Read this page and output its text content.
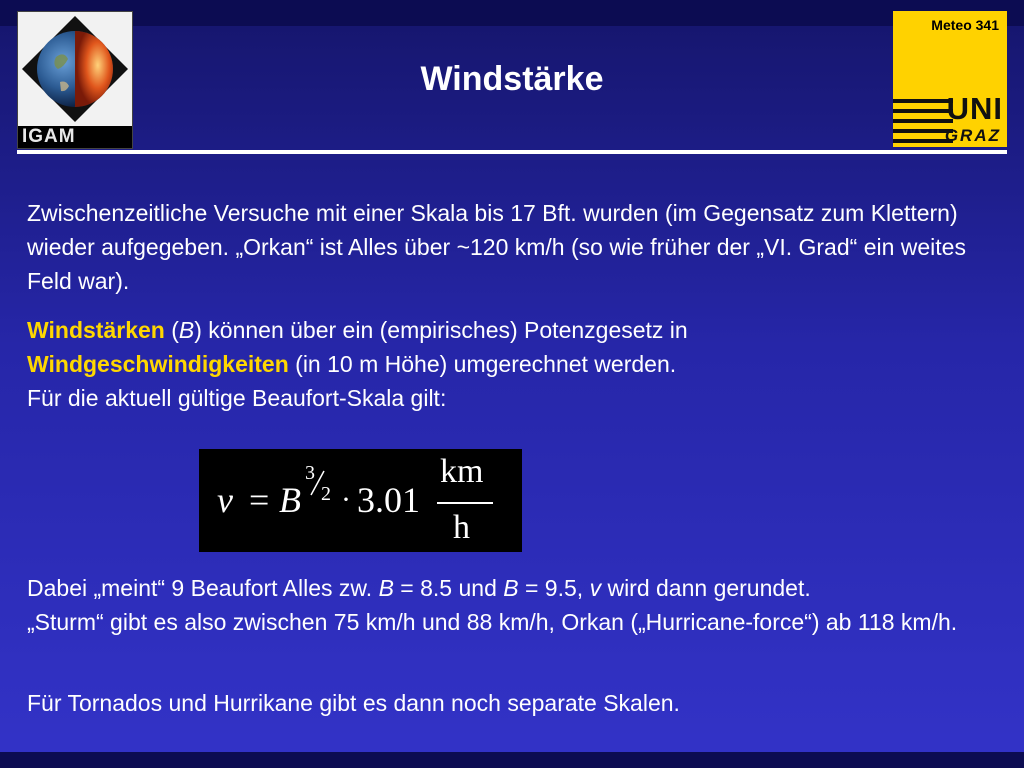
IGAM
Meteo 341
UNI
GRAZ
Windstärke
Zwischenzeitliche Versuche mit einer Skala bis 17 Bft. wurden (im Gegensatz zum Klettern) wieder aufgegeben. „Orkan“ ist Alles über ~120 km/h (so wie früher der „VI. Grad“ ein weites Feld war).
Windstärken (B) können über ein (empirisches) Potenzgesetz in
Windgeschwindigkeiten (in 10 m Höhe) umgerechnet werden.
Für die aktuell gültige Beaufort-Skala gilt:
v = B
3
2 · 3.01
km
h
Dabei „meint“ 9 Beaufort Alles zw. B = 8.5 und B = 9.5, v wird dann gerundet.
„Sturm“ gibt es also zwischen 75 km/h und 88 km/h, Orkan („Hurricane-force“) ab 118 km/h.
Für Tornados und Hurrikane gibt es dann noch separate Skalen.
